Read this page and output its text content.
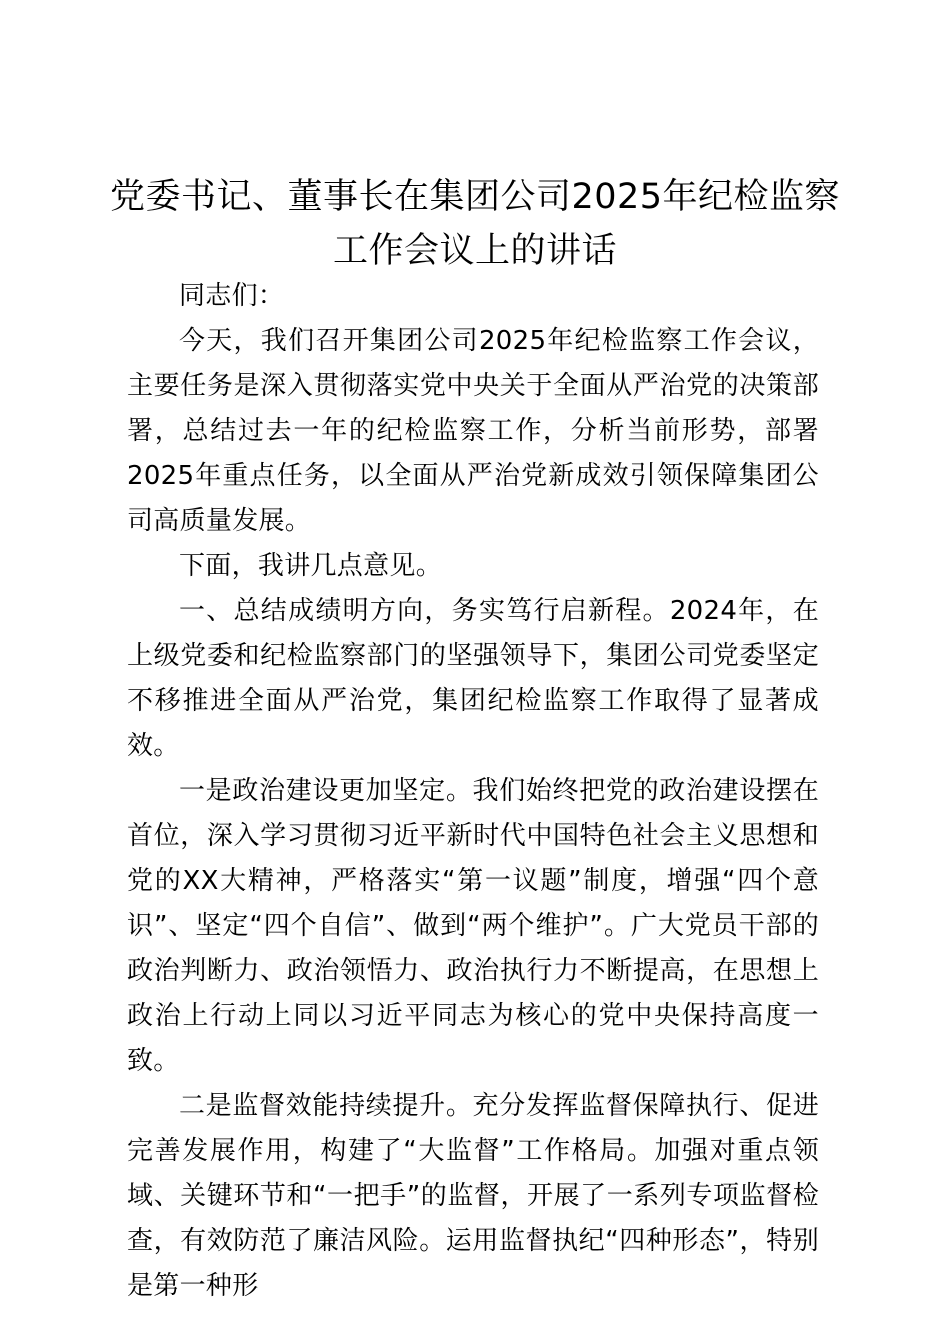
党委书记、董事长在集团公司2025年纪检监察工作会议上的讲话

同志们：

今天，我们召开集团公司2025年纪检监察工作会议，主要任务是深入贯彻落实党中央关于全面从严治党的决策部署，总结过去一年的纪检监察工作，分析当前形势，部署2025年重点任务，以全面从严治党新成效引领保障集团公司高质量发展。

下面，我讲几点意见。

一、总结成绩明方向，务实笃行启新程。2024年，在上级党委和纪检监察部门的坚强领导下，集团公司党委坚定不移推进全面从严治党，集团纪检监察工作取得了显著成效。

一是政治建设更加坚定。我们始终把党的政治建设摆在首位，深入学习贯彻习近平新时代中国特色社会主义思想和党的XX大精神，严格落实“第一议题”制度，增强“四个意识”、坚定“四个自信”、做到“两个维护”。广大党员干部的政治判断力、政治领悟力、政治执行力不断提高，在思想上政治上行动上同以习近平同志为核心的党中央保持高度一致。

二是监督效能持续提升。充分发挥监督保障执行、促进完善发展作用，构建了“大监督”工作格局。加强对重点领域、关键环节和“一把手”的监督，开展了一系列专项监督检查，有效防范了廉洁风险。运用监督执纪“四种形态”，特别是第一种形
